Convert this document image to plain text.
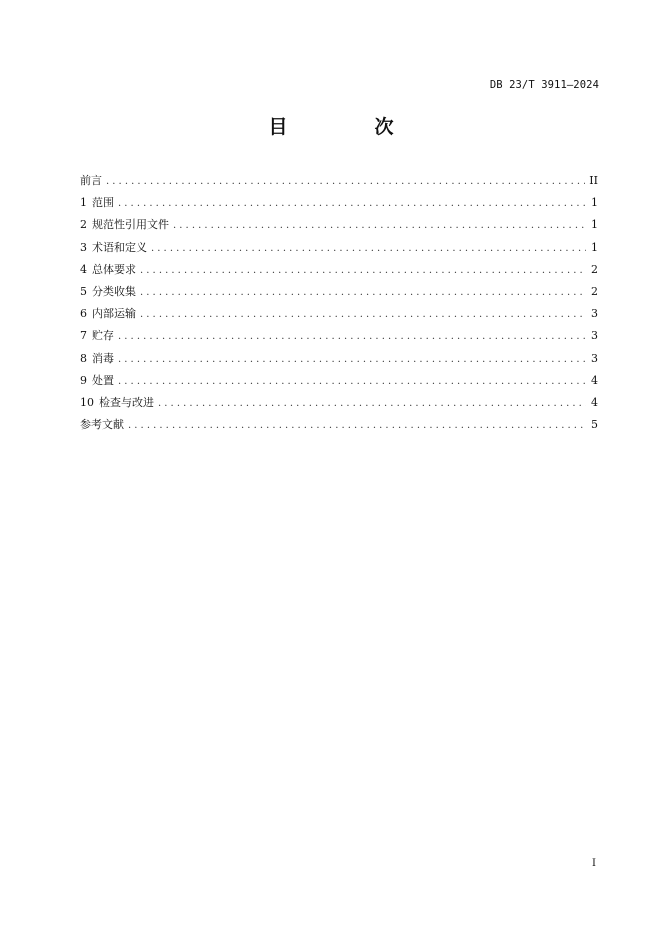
DB 23/T 3911—2024
目　次
前言 .....	II
1 范围 .....	1
2 规范性引用文件 .....	1
3 术语和定义 .....	1
4 总体要求 .....	2
5 分类收集 .....	2
6 内部运输 .....	3
7 贮存 .....	3
8 消毒 .....	3
9 处置 .....	4
10 检查与改进 .....	4
参考文献 .....	5
I
